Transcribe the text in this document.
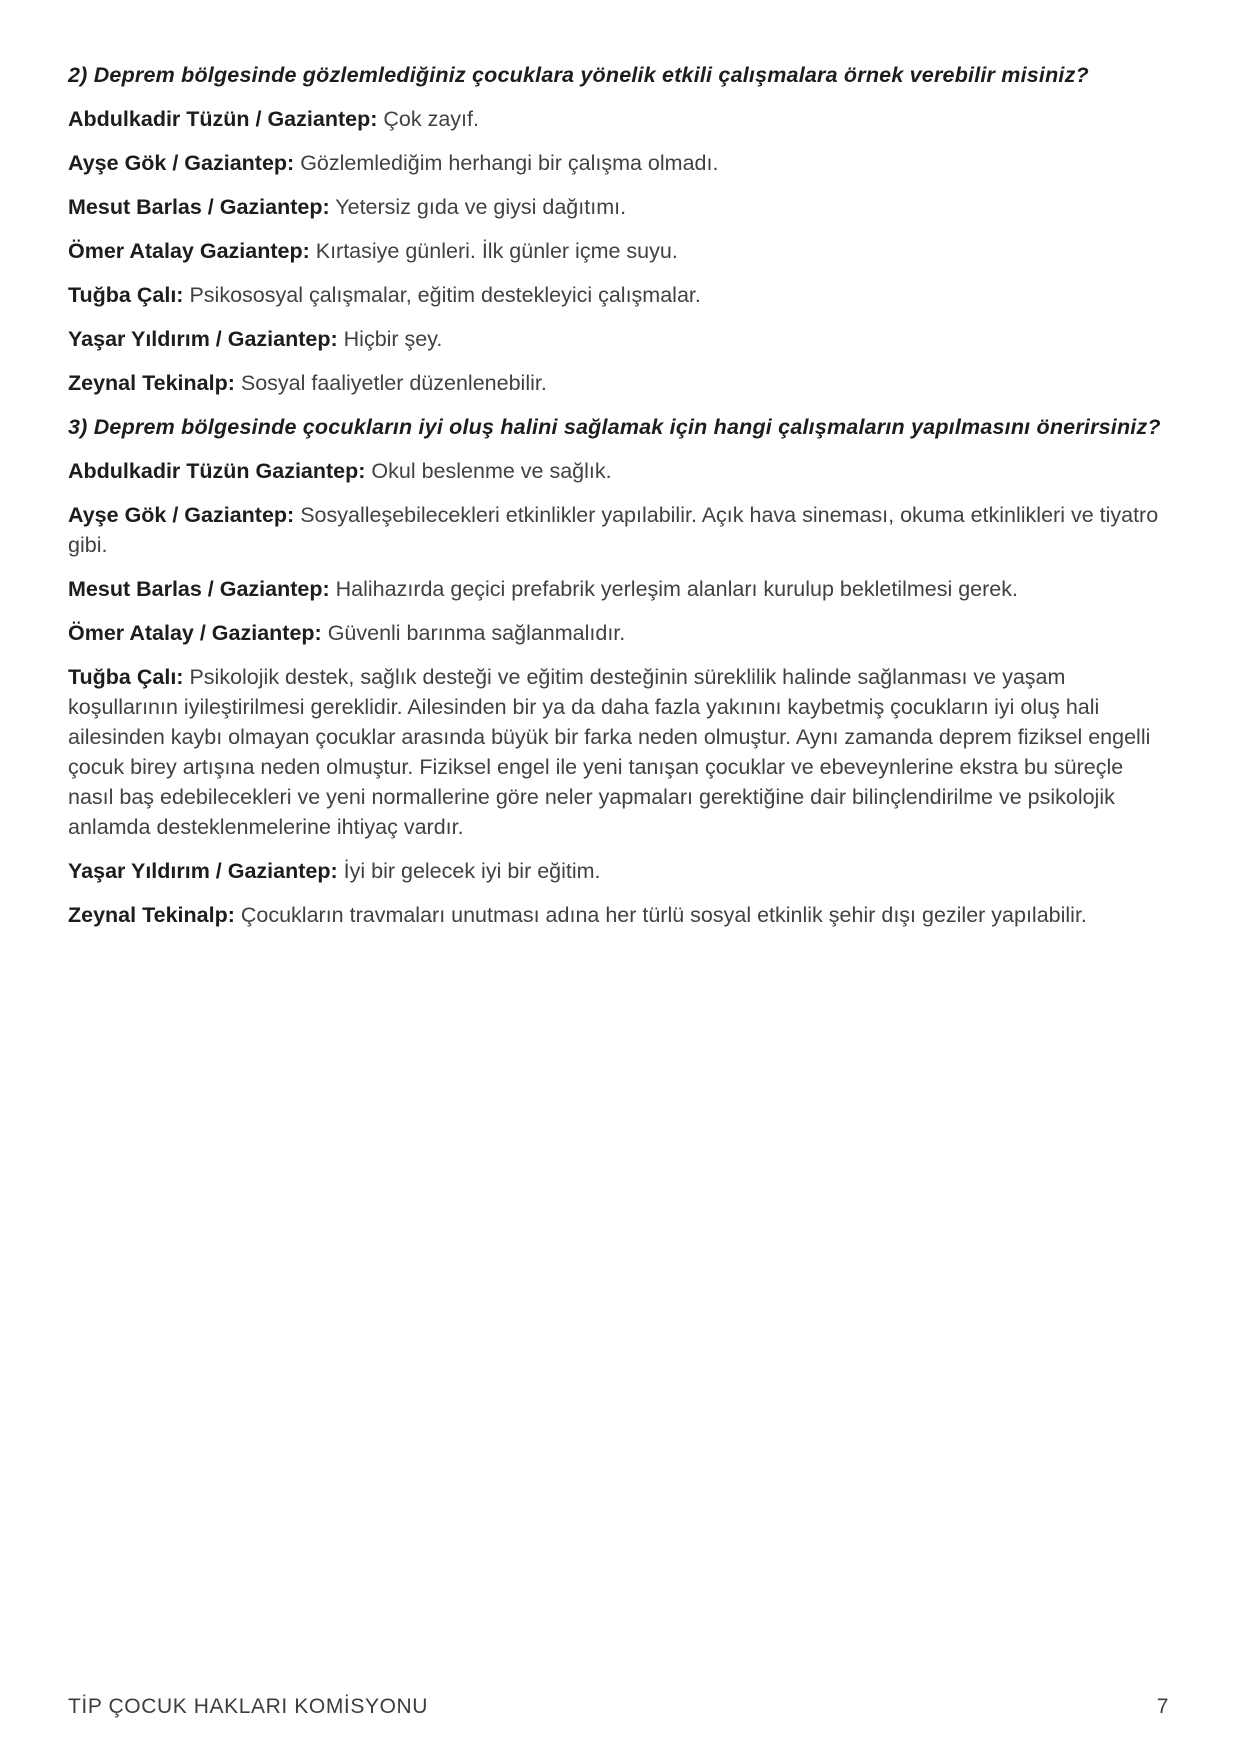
2) Deprem bölgesinde gözlemlediğiniz çocuklara yönelik etkili çalışmalara örnek verebilir misiniz?

Abdulkadir Tüzün / Gaziantep: Çok zayıf.

Ayşe Gök / Gaziantep: Gözlemlediğim herhangi bir çalışma olmadı.

Mesut Barlas / Gaziantep: Yetersiz gıda ve giysi dağıtımı.

Ömer Atalay Gaziantep: Kırtasiye günleri. İlk günler içme suyu.

Tuğba Çalı: Psikososyal çalışmalar, eğitim destekleyici çalışmalar.

Yaşar Yıldırım / Gaziantep: Hiçbir şey.

Zeynal Tekinalp: Sosyal faaliyetler düzenlenebilir.

3) Deprem bölgesinde çocukların iyi oluş halini sağlamak için hangi çalışmaların yapılmasını önerirsiniz?

Abdulkadir Tüzün Gaziantep: Okul beslenme ve sağlık.

Ayşe Gök / Gaziantep: Sosyalleşebilecekleri etkinlikler yapılabilir. Açık hava sineması, okuma etkinlikleri ve tiyatro gibi.

Mesut Barlas / Gaziantep: Halihazırda geçici prefabrik yerleşim alanları kurulup bekletilmesi gerek.

Ömer Atalay / Gaziantep: Güvenli barınma sağlanmalıdır.

Tuğba Çalı: Psikolojik destek, sağlık desteği ve eğitim desteğinin süreklilik halinde sağlanması ve yaşam koşullarının iyileştirilmesi gereklidir. Ailesinden bir ya da daha fazla yakınını kaybetmiş çocukların iyi oluş hali ailesinden kaybı olmayan çocuklar arasında büyük bir farka neden olmuştur. Aynı zamanda deprem fiziksel engelli çocuk birey artışına neden olmuştur. Fiziksel engel ile yeni tanışan çocuklar ve ebeveynlerine ekstra bu süreçle nasıl baş edebilecekleri ve yeni normallerine göre neler yapmaları gerektiğine dair bilinçlendirilme ve psikolojik anlamda desteklenmelerine ihtiyaç vardır.

Yaşar Yıldırım / Gaziantep: İyi bir gelecek iyi bir eğitim.

Zeynal Tekinalp: Çocukların travmaları unutması adına her türlü sosyal etkinlik şehir dışı geziler yapılabilir.

TİP ÇOCUK HAKLARI KOMİSYONU	7
